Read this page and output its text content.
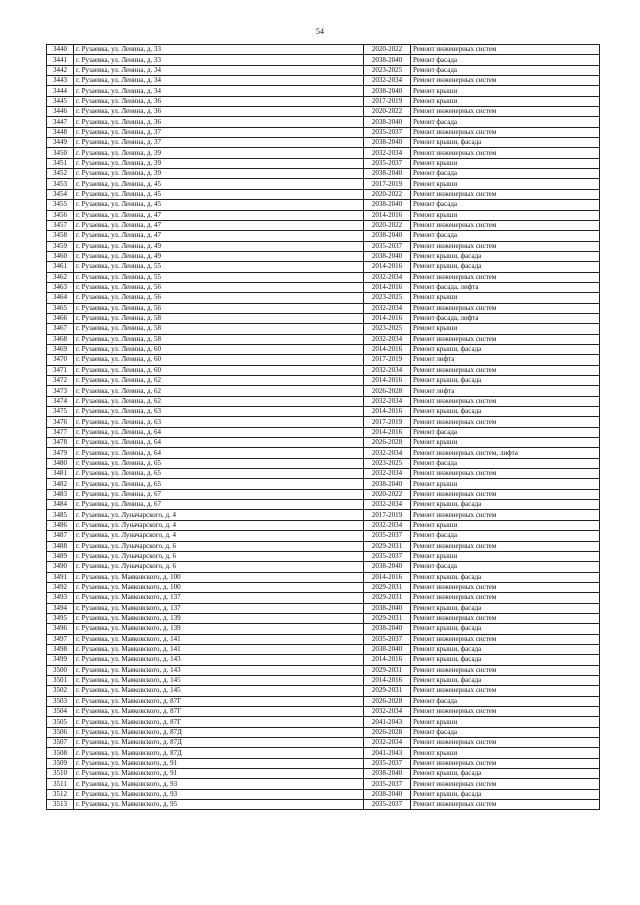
54
3440	г. Рузаевка, ул. Ленина, д. 33	2020-2022	Ремонт инженерных систем
3441	г. Рузаевка, ул. Ленина, д. 33	2038-2040	Ремонт фасада
3442	г. Рузаевка, ул. Ленина, д. 34	2023-2025	Ремонт фасада
3443	г. Рузаевка, ул. Ленина, д. 34	2032-2034	Ремонт инженерных систем
3444	г. Рузаевка, ул. Ленина, д. 34	2038-2040	Ремонт крыши
3445	г. Рузаевка, ул. Ленина, д. 36	2017-2019	Ремонт крыши
3446	г. Рузаевка, ул. Ленина, д. 36	2020-2022	Ремонт инженерных систем
3447	г. Рузаевка, ул. Ленина, д. 36	2038-2040	Ремонт фасада
3448	г. Рузаевка, ул. Ленина, д. 37	2035-2037	Ремонт инженерных систем
3449	г. Рузаевка, ул. Ленина, д. 37	2038-2040	Ремонт крыши, фасада
3450	г. Рузаевка, ул. Ленина, д. 39	2032-2034	Ремонт инженерных систем
3451	г. Рузаевка, ул. Ленина, д. 39	2035-2037	Ремонт крыши
3452	г. Рузаевка, ул. Ленина, д. 39	2038-2040	Ремонт фасада
3453	г. Рузаевка, ул. Ленина, д. 45	2017-2019	Ремонт крыши
3454	г. Рузаевка, ул. Ленина, д. 45	2020-2022	Ремонт инженерных систем
3455	г. Рузаевка, ул. Ленина, д. 45	2038-2040	Ремонт фасада
3456	г. Рузаевка, ул. Ленина, д. 47	2014-2016	Ремонт крыши
3457	г. Рузаевка, ул. Ленина, д. 47	2020-2022	Ремонт инженерных систем
3458	г. Рузаевка, ул. Ленина, д. 47	2038-2040	Ремонт фасада
3459	г. Рузаевка, ул. Ленина, д. 49	2035-2037	Ремонт инженерных систем
3460	г. Рузаевка, ул. Ленина, д. 49	2038-2040	Ремонт крыши, фасада
3461	г. Рузаевка, ул. Ленина, д. 55	2014-2016	Ремонт крыши, фасада
3462	г. Рузаевка, ул. Ленина, д. 55	2032-2034	Ремонт инженерных систем
3463	г. Рузаевка, ул. Ленина, д. 56	2014-2016	Ремонт фасада, лифта
3464	г. Рузаевка, ул. Ленина, д. 56	2023-2025	Ремонт крыши
3465	г. Рузаевка, ул. Ленина, д. 56	2032-2034	Ремонт инженерных систем
3466	г. Рузаевка, ул. Ленина, д. 58	2014-2016	Ремонт фасада, лифта
3467	г. Рузаевка, ул. Ленина, д. 58	2023-2025	Ремонт крыши
3468	г. Рузаевка, ул. Ленина, д. 58	2032-2034	Ремонт инженерных систем
3469	г. Рузаевка, ул. Ленина, д. 60	2014-2016	Ремонт крыши, фасада
3470	г. Рузаевка, ул. Ленина, д. 60	2017-2019	Ремонт лифта
3471	г. Рузаевка, ул. Ленина, д. 60	2032-2034	Ремонт инженерных систем
3472	г. Рузаевка, ул. Ленина, д. 62	2014-2016	Ремонт крыши, фасада
3473	г. Рузаевка, ул. Ленина, д. 62	2026-2028	Ремонт лифта
3474	г. Рузаевка, ул. Ленина, д. 62	2032-2034	Ремонт инженерных систем
3475	г. Рузаевка, ул. Ленина, д. 63	2014-2016	Ремонт крыши, фасада
3476	г. Рузаевка, ул. Ленина, д. 63	2017-2019	Ремонт инженерных систем
3477	г. Рузаевка, ул. Ленина, д. 64	2014-2016	Ремонт фасада
3478	г. Рузаевка, ул. Ленина, д. 64	2026-2028	Ремонт крыши
3479	г. Рузаевка, ул. Ленина, д. 64	2032-2034	Ремонт инженерных систем, лифта
3480	г. Рузаевка, ул. Ленина, д. 65	2023-2025	Ремонт фасада
3481	г. Рузаевка, ул. Ленина, д. 65	2032-2034	Ремонт инженерных систем
3482	г. Рузаевка, ул. Ленина, д. 65	2038-2040	Ремонт крыши
3483	г. Рузаевка, ул. Ленина, д. 67	2020-2022	Ремонт инженерных систем
3484	г. Рузаевка, ул. Ленина, д. 67	2032-2034	Ремонт крыши, фасада
3485	г. Рузаевка, ул. Луначарского, д. 4	2017-2019	Ремонт инженерных систем
3486	г. Рузаевка, ул. Луначарского, д. 4	2032-2034	Ремонт крыши
3487	г. Рузаевка, ул. Луначарского, д. 4	2035-2037	Ремонт фасада
3488	г. Рузаевка, ул. Луначарского, д. 6	2029-2031	Ремонт инженерных систем
3489	г. Рузаевка, ул. Луначарского, д. 6	2035-2037	Ремонт крыши
3490	г. Рузаевка, ул. Луначарского, д. 6	2038-2040	Ремонт фасада
3491	г. Рузаевка, ул. Маяковского, д. 100	2014-2016	Ремонт крыши, фасада
3492	г. Рузаевка, ул. Маяковского, д. 100	2029-2031	Ремонт инженерных систем
3493	г. Рузаевка, ул. Маяковского, д. 137	2029-2031	Ремонт инженерных систем
3494	г. Рузаевка, ул. Маяковского, д. 137	2038-2040	Ремонт крыши, фасада
3495	г. Рузаевка, ул. Маяковского, д. 139	2029-2031	Ремонт инженерных систем
3496	г. Рузаевка, ул. Маяковского, д. 139	2038-2040	Ремонт крыши, фасада
3497	г. Рузаевка, ул. Маяковского, д. 141	2035-2037	Ремонт инженерных систем
3498	г. Рузаевка, ул. Маяковского, д. 141	2038-2040	Ремонт крыши, фасада
3499	г. Рузаевка, ул. Маяковского, д. 143	2014-2016	Ремонт крыши, фасада
3500	г. Рузаевка, ул. Маяковского, д. 143	2029-2031	Ремонт инженерных систем
3501	г. Рузаевка, ул. Маяковского, д. 145	2014-2016	Ремонт крыши, фасада
3502	г. Рузаевка, ул. Маяковского, д. 145	2029-2031	Ремонт инженерных систем
3503	г. Рузаевка, ул. Маяковского, д. 87Г	2026-2028	Ремонт фасада
3504	г. Рузаевка, ул. Маяковского, д. 87Г	2032-2034	Ремонт инженерных систем
3505	г. Рузаевка, ул. Маяковского, д. 87Г	2041-2043	Ремонт крыши
3506	г. Рузаевка, ул. Маяковского, д. 87Д	2026-2028	Ремонт фасада
3507	г. Рузаевка, ул. Маяковского, д. 87Д	2032-2034	Ремонт инженерных систем
3508	г. Рузаевка, ул. Маяковского, д. 87Д	2041-2043	Ремонт крыши
3509	г. Рузаевка, ул. Маяковского, д. 91	2035-2037	Ремонт инженерных систем
3510	г. Рузаевка, ул. Маяковского, д. 91	2038-2040	Ремонт крыши, фасада
3511	г. Рузаевка, ул. Маяковского, д. 93	2035-2037	Ремонт инженерных систем
3512	г. Рузаевка, ул. Маяковского, д. 93	2038-2040	Ремонт крыши, фасада
3513	г. Рузаевка, ул. Маяковского, д. 95	2035-2037	Ремонт инженерных систем
